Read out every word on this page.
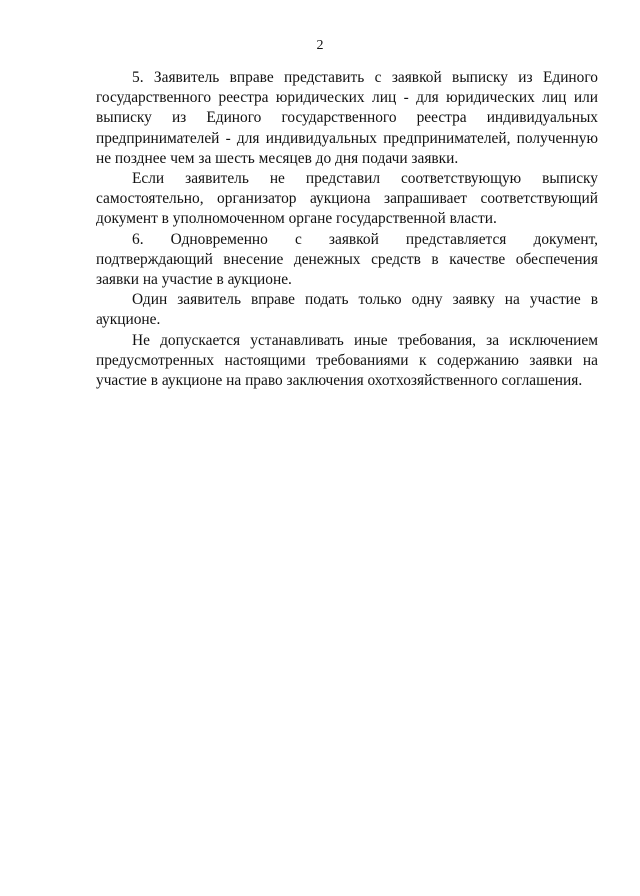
2

5. Заявитель вправе представить с заявкой выписку из Единого государственного реестра юридических лиц - для юридических лиц или выписку из Единого государственного реестра индивидуальных предпринимателей - для индивидуальных предпринимателей, полученную не позднее чем за шесть месяцев до дня подачи заявки.

Если заявитель не представил соответствующую выписку самостоятельно, организатор аукциона запрашивает соответствующий документ в уполномоченном органе государственной власти.

6. Одновременно с заявкой представляется документ, подтверждающий внесение денежных средств в качестве обеспечения заявки на участие в аукционе.

Один заявитель вправе подать только одну заявку на участие в аукционе.

Не допускается устанавливать иные требования, за исключением предусмотренных настоящими требованиями к содержанию заявки на участие в аукционе на право заключения охотхозяйственного соглашения.
